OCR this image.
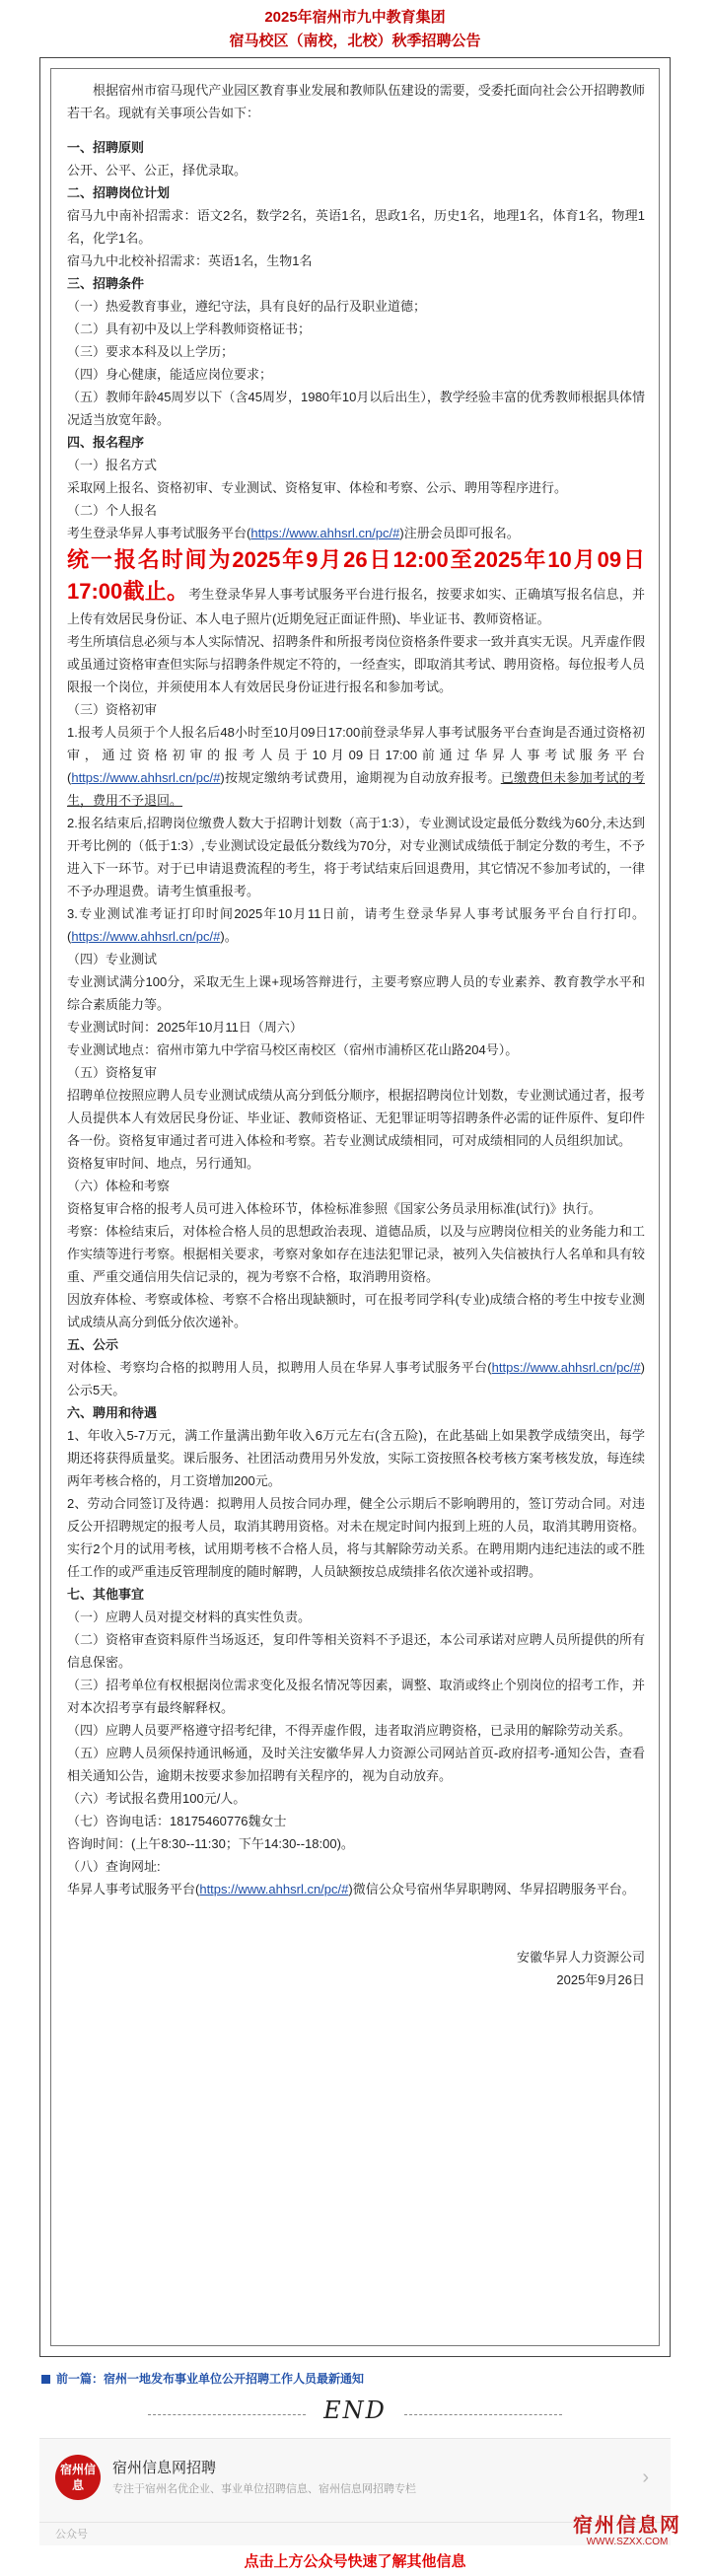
2025年宿州市九中教育集团
宿马校区（南校，北校）秋季招聘公告

根据宿州市宿马现代产业园区教育事业发展和教师队伍建设的需要，受委托面向社会公开招聘教师若干名。现就有关事项公告如下：

一、招聘原则

公开、公平、公正，择优录取。

二、招聘岗位计划

宿马九中南补招需求：语文2名，数学2名，英语1名，思政1名，历史1名，地理1名，体育1名，物理1名，化学1名。

宿马九中北校补招需求：英语1名，生物1名

三、招聘条件

（一）热爱教育事业，遵纪守法，具有良好的品行及职业道德；

（二）具有初中及以上学科教师资格证书；

（三）要求本科及以上学历；

（四）身心健康，能适应岗位要求；

（五）教师年龄45周岁以下（含45周岁，1980年10月以后出生），教学经验丰富的优秀教师根据具体情况适当放宽年龄。

四、报名程序

（一）报名方式

采取网上报名、资格初审、专业测试、资格复审、体检和考察、公示、聘用等程序进行。

（二）个人报名

考生登录华昇人事考试服务平台(https://www.ahhsrl.cn/pc/#)注册会员即可报名。

统一报名时间为2025年9月26日12:00至2025年10月09日17:00截止。考生登录华昇人事考试服务平台进行报名，按要求如实、正确填写报名信息，并上传有效居民身份证、本人电子照片(近期免冠正面证件照)、毕业证书、教师资格证。

考生所填信息必须与本人实际情况、招聘条件和所报考岗位资格条件要求一致并真实无误。凡弄虚作假或虽通过资格审查但实际与招聘条件规定不符的，一经查实，即取消其考试、聘用资格。每位报考人员限报一个岗位，并须使用本人有效居民身份证进行报名和参加考试。

（三）资格初审

1.报考人员须于个人报名后48小时至10月09日17:00前登录华昇人事考试服务平台查询是否通过资格初审，通过资格初审的报考人员于10月09日17:00前通过华昇人事考试服务平台(https://www.ahhsrl.cn/pc/#)按规定缴纳考试费用，逾期视为自动放弃报考。已缴费但未参加考试的考生，费用不予退回。

2.报名结束后,招聘岗位缴费人数大于招聘计划数（高于1:3），专业测试设定最低分数线为60分,未达到开考比例的（低于1:3）,专业测试设定最低分数线为70分，对专业测试成绩低于制定分数的考生，不予进入下一环节。对于已申请退费流程的考生，将于考试结束后回退费用，其它情况不参加考试的，一律不予办理退费。请考生慎重报考。

3.专业测试准考证打印时间2025年10月11日前，请考生登录华昇人事考试服务平台自行打印。(https://www.ahhsrl.cn/pc/#)。

（四）专业测试

专业测试满分100分，采取无生上课+现场答辩进行，主要考察应聘人员的专业素养、教育教学水平和综合素质能力等。

专业测试时间：2025年10月11日（周六）

专业测试地点：宿州市第九中学宿马校区南校区（宿州市浦桥区花山路204号）。

（五）资格复审

招聘单位按照应聘人员专业测试成绩从高分到低分顺序，根据招聘岗位计划数，专业测试通过者，报考人员提供本人有效居民身份证、毕业证、教师资格证、无犯罪证明等招聘条件必需的证件原件、复印件各一份。资格复审通过者可进入体检和考察。若专业测试成绩相同，可对成绩相同的人员组织加试。

资格复审时间、地点，另行通知。

（六）体检和考察

资格复审合格的报考人员可进入体检环节，体检标准参照《国家公务员录用标准(试行)》执行。

考察：体检结束后，对体检合格人员的思想政治表现、道德品质，以及与应聘岗位相关的业务能力和工作实绩等进行考察。根据相关要求，考察对象如存在违法犯罪记录，被列入失信被执行人名单和具有较重、严重交通信用失信记录的，视为考察不合格，取消聘用资格。

因放弃体检、考察或体检、考察不合格出现缺额时，可在报考同学科(专业)成绩合格的考生中按专业测试成绩从高分到低分依次递补。

五、公示

对体检、考察均合格的拟聘用人员，拟聘用人员在华昇人事考试服务平台(https://www.ahhsrl.cn/pc/#)公示5天。

六、聘用和待遇

1、年收入5-7万元，满工作量满出勤年收入6万元左右(含五险)，在此基础上如果教学成绩突出，每学期还将获得质量奖。课后服务、社团活动费用另外发放，实际工资按照各校考核方案考核发放，每连续两年考核合格的，月工资增加200元。

2、劳动合同签订及待遇：拟聘用人员按合同办理，健全公示期后不影响聘用的，签订劳动合同。对违反公开招聘规定的报考人员，取消其聘用资格。对未在规定时间内报到上班的人员，取消其聘用资格。实行2个月的试用考核，试用期考核不合格人员，将与其解除劳动关系。在聘用期内违纪违法的或不胜任工作的或严重违反管理制度的随时解聘，人员缺额按总成绩排名依次递补或招聘。

七、其他事宜

（一）应聘人员对提交材料的真实性负责。

（二）资格审查资料原件当场返还，复印件等相关资料不予退还，本公司承诺对应聘人员所提供的所有信息保密。

（三）招考单位有权根据岗位需求变化及报名情况等因素，调整、取消或终止个别岗位的招考工作，并对本次招考享有最终解释权。

（四）应聘人员要严格遵守招考纪律，不得弄虚作假，违者取消应聘资格，已录用的解除劳动关系。

（五）应聘人员须保持通讯畅通，及时关注安徽华昇人力资源公司网站首页-政府招考-通知公告，查看相关通知公告，逾期未按要求参加招聘有关程序的，视为自动放弃。

（六）考试报名费用100元/人。

（七）咨询电话：18175460776魏女士

咨询时间：(上午8:30--11:30；下午14:30--18:00)。

（八）查询网址:

华昇人事考试服务平台(https://www.ahhsrl.cn/pc/#)微信公众号宿州华昇职聘网、华昇招聘服务平台。

安徽华昇人力资源公司

2025年9月26日

前一篇：宿州一地发布事业单位公开招聘工作人员最新通知
END
宿州信息
宿州信息网招聘
专注于宿州名优企业、事业单位招聘信息、宿州信息网招聘专栏
›
公众号	宿州信息网
WWW.SZXX.COM
点击上方公众号快速了解其他信息
